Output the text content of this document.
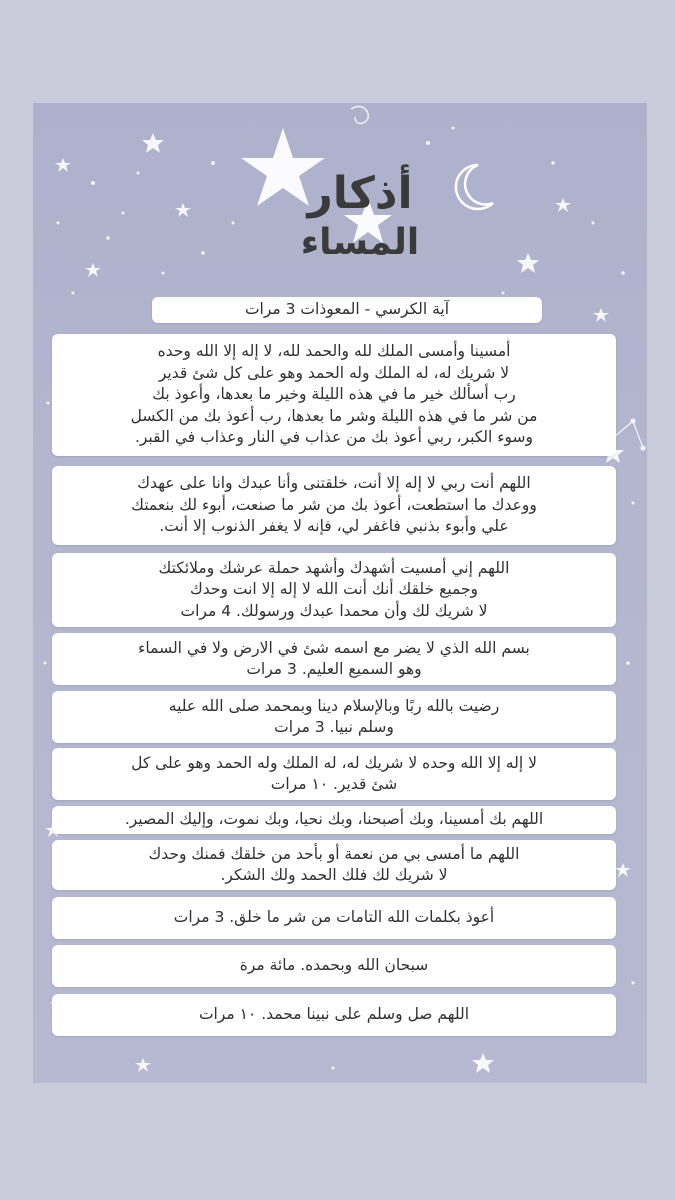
أذكار
المساء
آية الكرسي - المعوذات 3 مرات
أمسينا وأمسى الملك لله والحمد لله، لا إله إلا الله وحده
لا شريك له، له الملك وله الحمد وهو على كل شئ قدير
رب أسألك خير ما في هذه الليلة وخير ما بعدها، وأعوذ بك
من شر ما في هذه الليلة وشر ما بعدها، رب أعوذ بك من الكسل
وسوء الكبر، ربي أعوذ بك من عذاب في النار وعذاب في القبر.
اللهم أنت ربي لا إله إلا أنت، خلقتنى وأنا عبدك وانا على عهدك
ووعدك ما استطعت، أعوذ بك من شر ما صنعت، أبوء لك بنعمتك
علي وأبوء بذنبي فاغفر لي، فإنه لا يغفر الذنوب إلا أنت.
اللهم إني أمسيت أشهدك وأشهد حملة عرشك وملائكتك
وجميع خلقك أنك أنت الله لا إله إلا انت وحدك
لا شريك لك وأن محمدا عبدك ورسولك. 4 مرات
بسم الله الذي لا يضر مع اسمه شئ في الارض ولا في السماء
وهو السميع العليم. 3 مرات
رضيت بالله ربًا وبالإسلام دينا وبمحمد صلى الله عليه
وسلم نبيا. 3 مرات
لا إله إلا الله وحده لا شريك له، له الملك وله الحمد وهو على كل
شئ قدير. ١٠ مرات
اللهم بك أمسينا، وبك أصبحنا، وبك نحيا، وبك نموت، وإليك المصير.
اللهم ما أمسى بي من نعمة أو بأحد من خلقك فمنك وحدك
لا شريك لك فلك الحمد ولك الشكر.
أعوذ بكلمات الله التامات من شر ما خلق. 3 مرات
سبحان الله وبحمده. مائة مرة
اللهم صل وسلم على نبينا محمد. ١٠ مرات
